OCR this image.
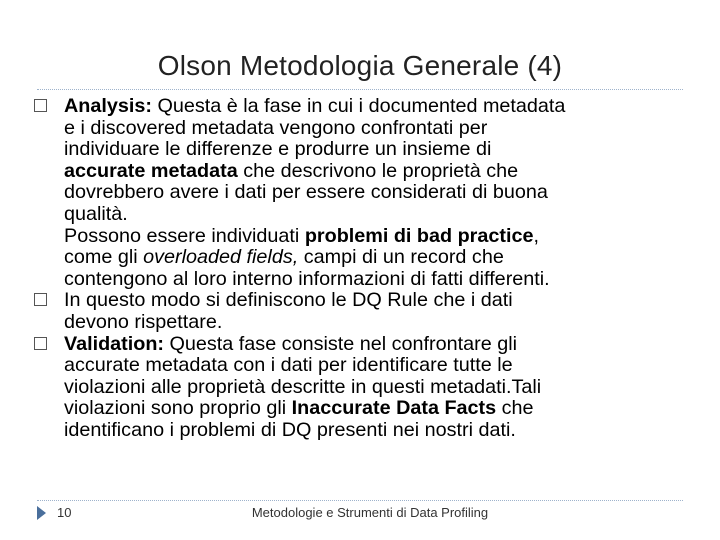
Olson Metodologia Generale (4)
Analysis: Questa è la fase in cui i documented metadata
e i discovered metadata vengono confrontati per
individuare le differenze e produrre un insieme di
accurate metadata che descrivono le proprietà che
dovrebbero avere i dati per essere considerati di buona
qualità.
Possono essere individuati problemi di bad practice,
come gli overloaded fields, campi di un record che
contengono al loro interno informazioni di fatti differenti.
In questo modo si definiscono le DQ Rule che i dati
devono rispettare.
Validation: Questa fase consiste nel confrontare gli
accurate metadata con i dati per identificare tutte le
violazioni alle proprietà descritte in questi metadati.Tali
violazioni sono proprio gli Inaccurate Data Facts che
identificano i problemi di DQ presenti nei nostri dati.
10	Metodologie e Strumenti di Data Profiling
